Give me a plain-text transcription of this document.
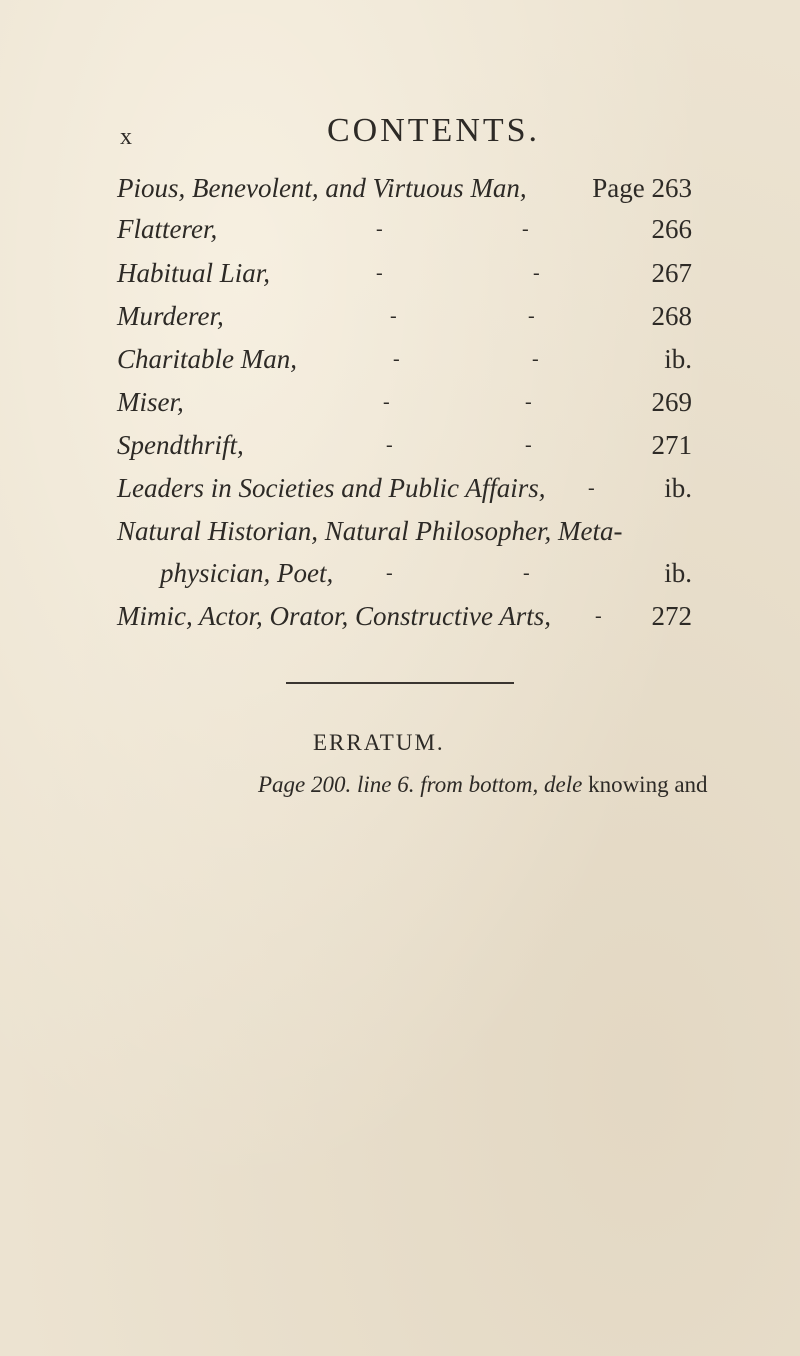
x	CONTENTS.
Pious, Benevolent, and Virtuous Man, Page 263
Flatterer,	-	-	266
Habitual Liar,	-	-	267
Murderer,	-	-	268
Charitable Man,	-	-	ib.
Miser,	-	-	269
Spendthrift,	-	-	271
Leaders in Societies and Public Affairs, -	ib.
Natural Historian, Natural Philosopher, Meta-
physician, Poet,	-	-	ib.
Mimic, Actor, Orator, Constructive Arts, - 272
ERRATUM.
Page 200. line 6. from bottom, dele knowing and
